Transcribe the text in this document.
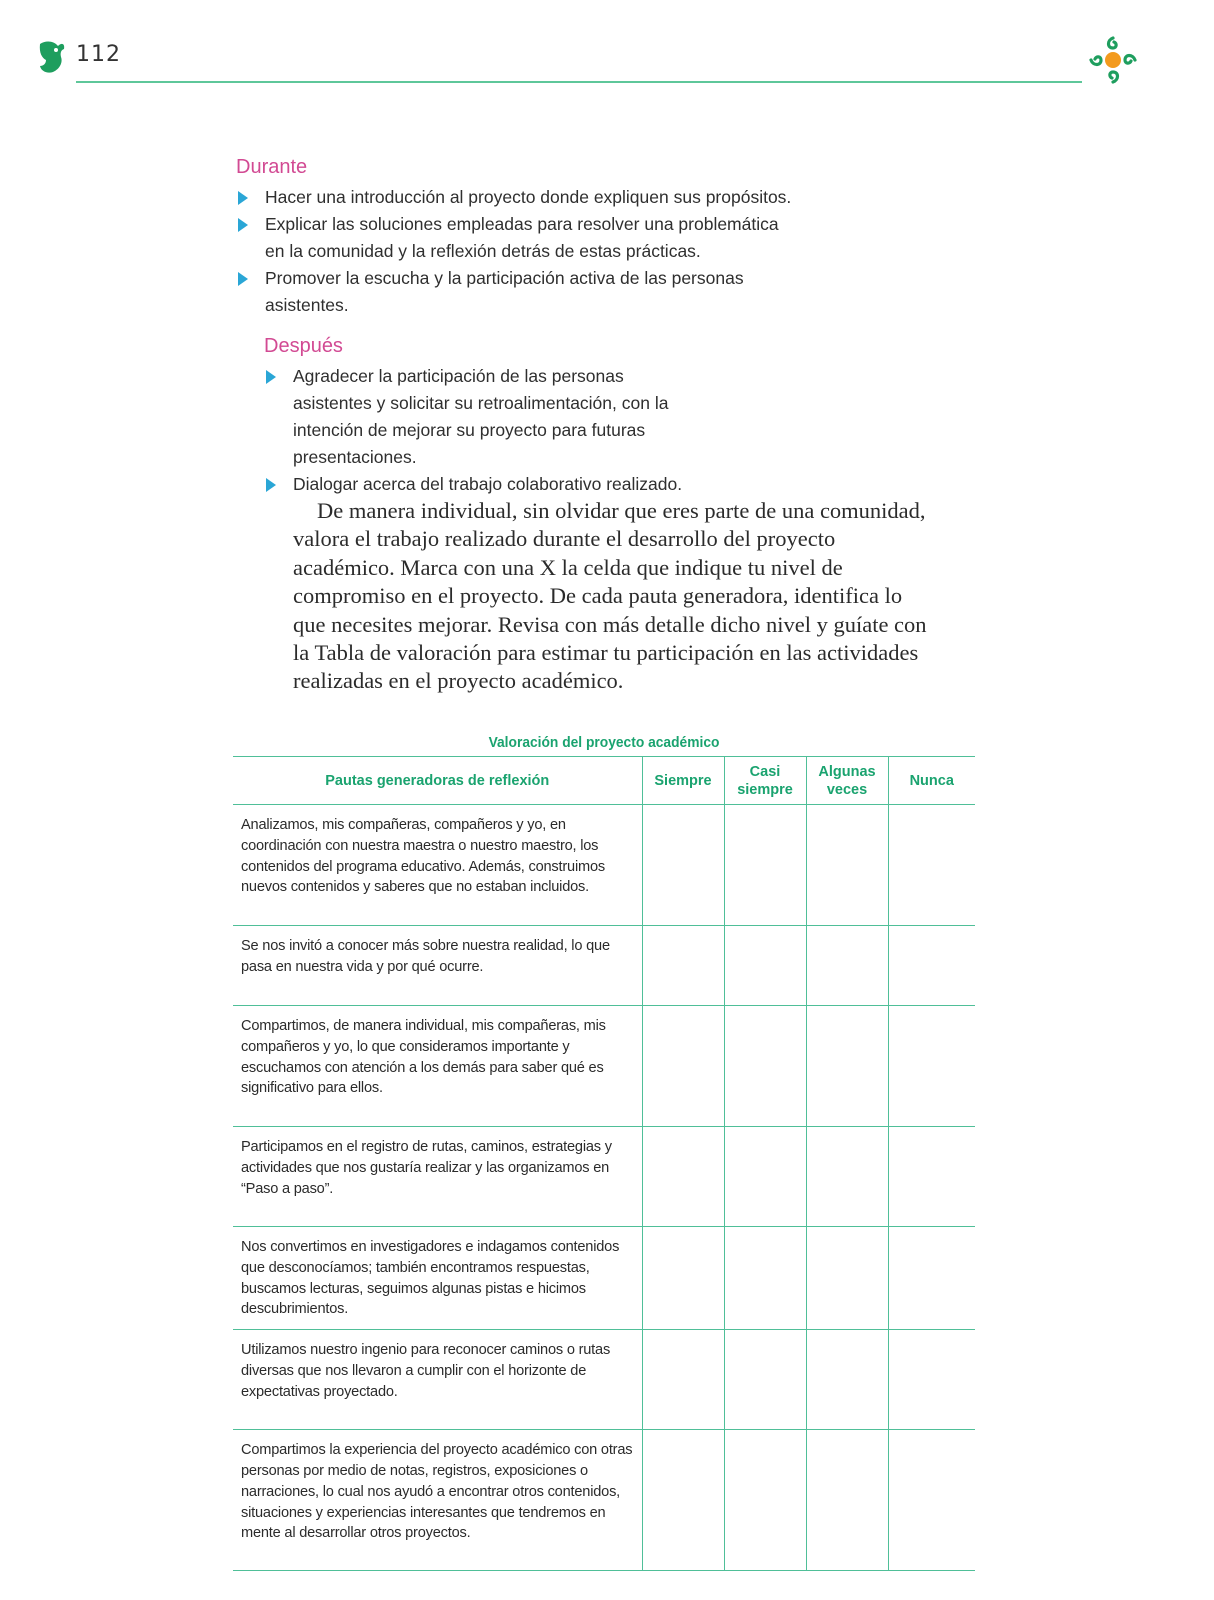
112
Durante
Hacer una introducción al proyecto donde expliquen sus propósitos.
Explicar las soluciones empleadas para resolver una problemática en la comunidad y la reflexión detrás de estas prácticas.
Promover la escucha y la participación activa de las personas asistentes.
Después
Agradecer la participación de las personas asistentes y solicitar su retroalimentación, con la intención de mejorar su proyecto para futuras presentaciones.
Dialogar acerca del trabajo colaborativo realizado.

De manera individual, sin olvidar que eres parte de una comunidad, valora el trabajo realizado durante el desarrollo del proyecto académico. Marca con una X la celda que indique tu nivel de compromiso en el proyecto. De cada pauta generadora, identifica lo que necesites mejorar. Revisa con más detalle dicho nivel y guíate con la Tabla de valoración para estimar tu participación en las actividades realizadas en el proyecto académico.

Valoración del proyecto académico
Pautas generadoras de reflexión	Siempre	Casi siempre	Algunas veces	Nunca
Analizamos, mis compañeras, compañeros y yo, en coordinación con nuestra maestra o nuestro maestro, los contenidos del programa educativo. Además, construimos nuevos contenidos y saberes que no estaban incluidos.				
Se nos invitó a conocer más sobre nuestra realidad, lo que pasa en nuestra vida y por qué ocurre.				
Compartimos, de manera individual, mis compañeras, mis compañeros y yo, lo que consideramos importante y escuchamos con atención a los demás para saber qué es significativo para ellos.				
Participamos en el registro de rutas, caminos, estrategias y actividades que nos gustaría realizar y las organizamos en “Paso a paso”.				
Nos convertimos en investigadores e indagamos contenidos que desconocíamos; también encontramos respuestas, buscamos lecturas, seguimos algunas pistas e hicimos descubrimientos.				
Utilizamos nuestro ingenio para reconocer caminos o rutas diversas que nos llevaron a cumplir con el horizonte de expectativas proyectado.				
Compartimos la experiencia del proyecto académico con otras personas por medio de notas, registros, exposiciones o narraciones, lo cual nos ayudó a encontrar otros contenidos, situaciones y experiencias interesantes que tendremos en mente al desarrollar otros proyectos.				
